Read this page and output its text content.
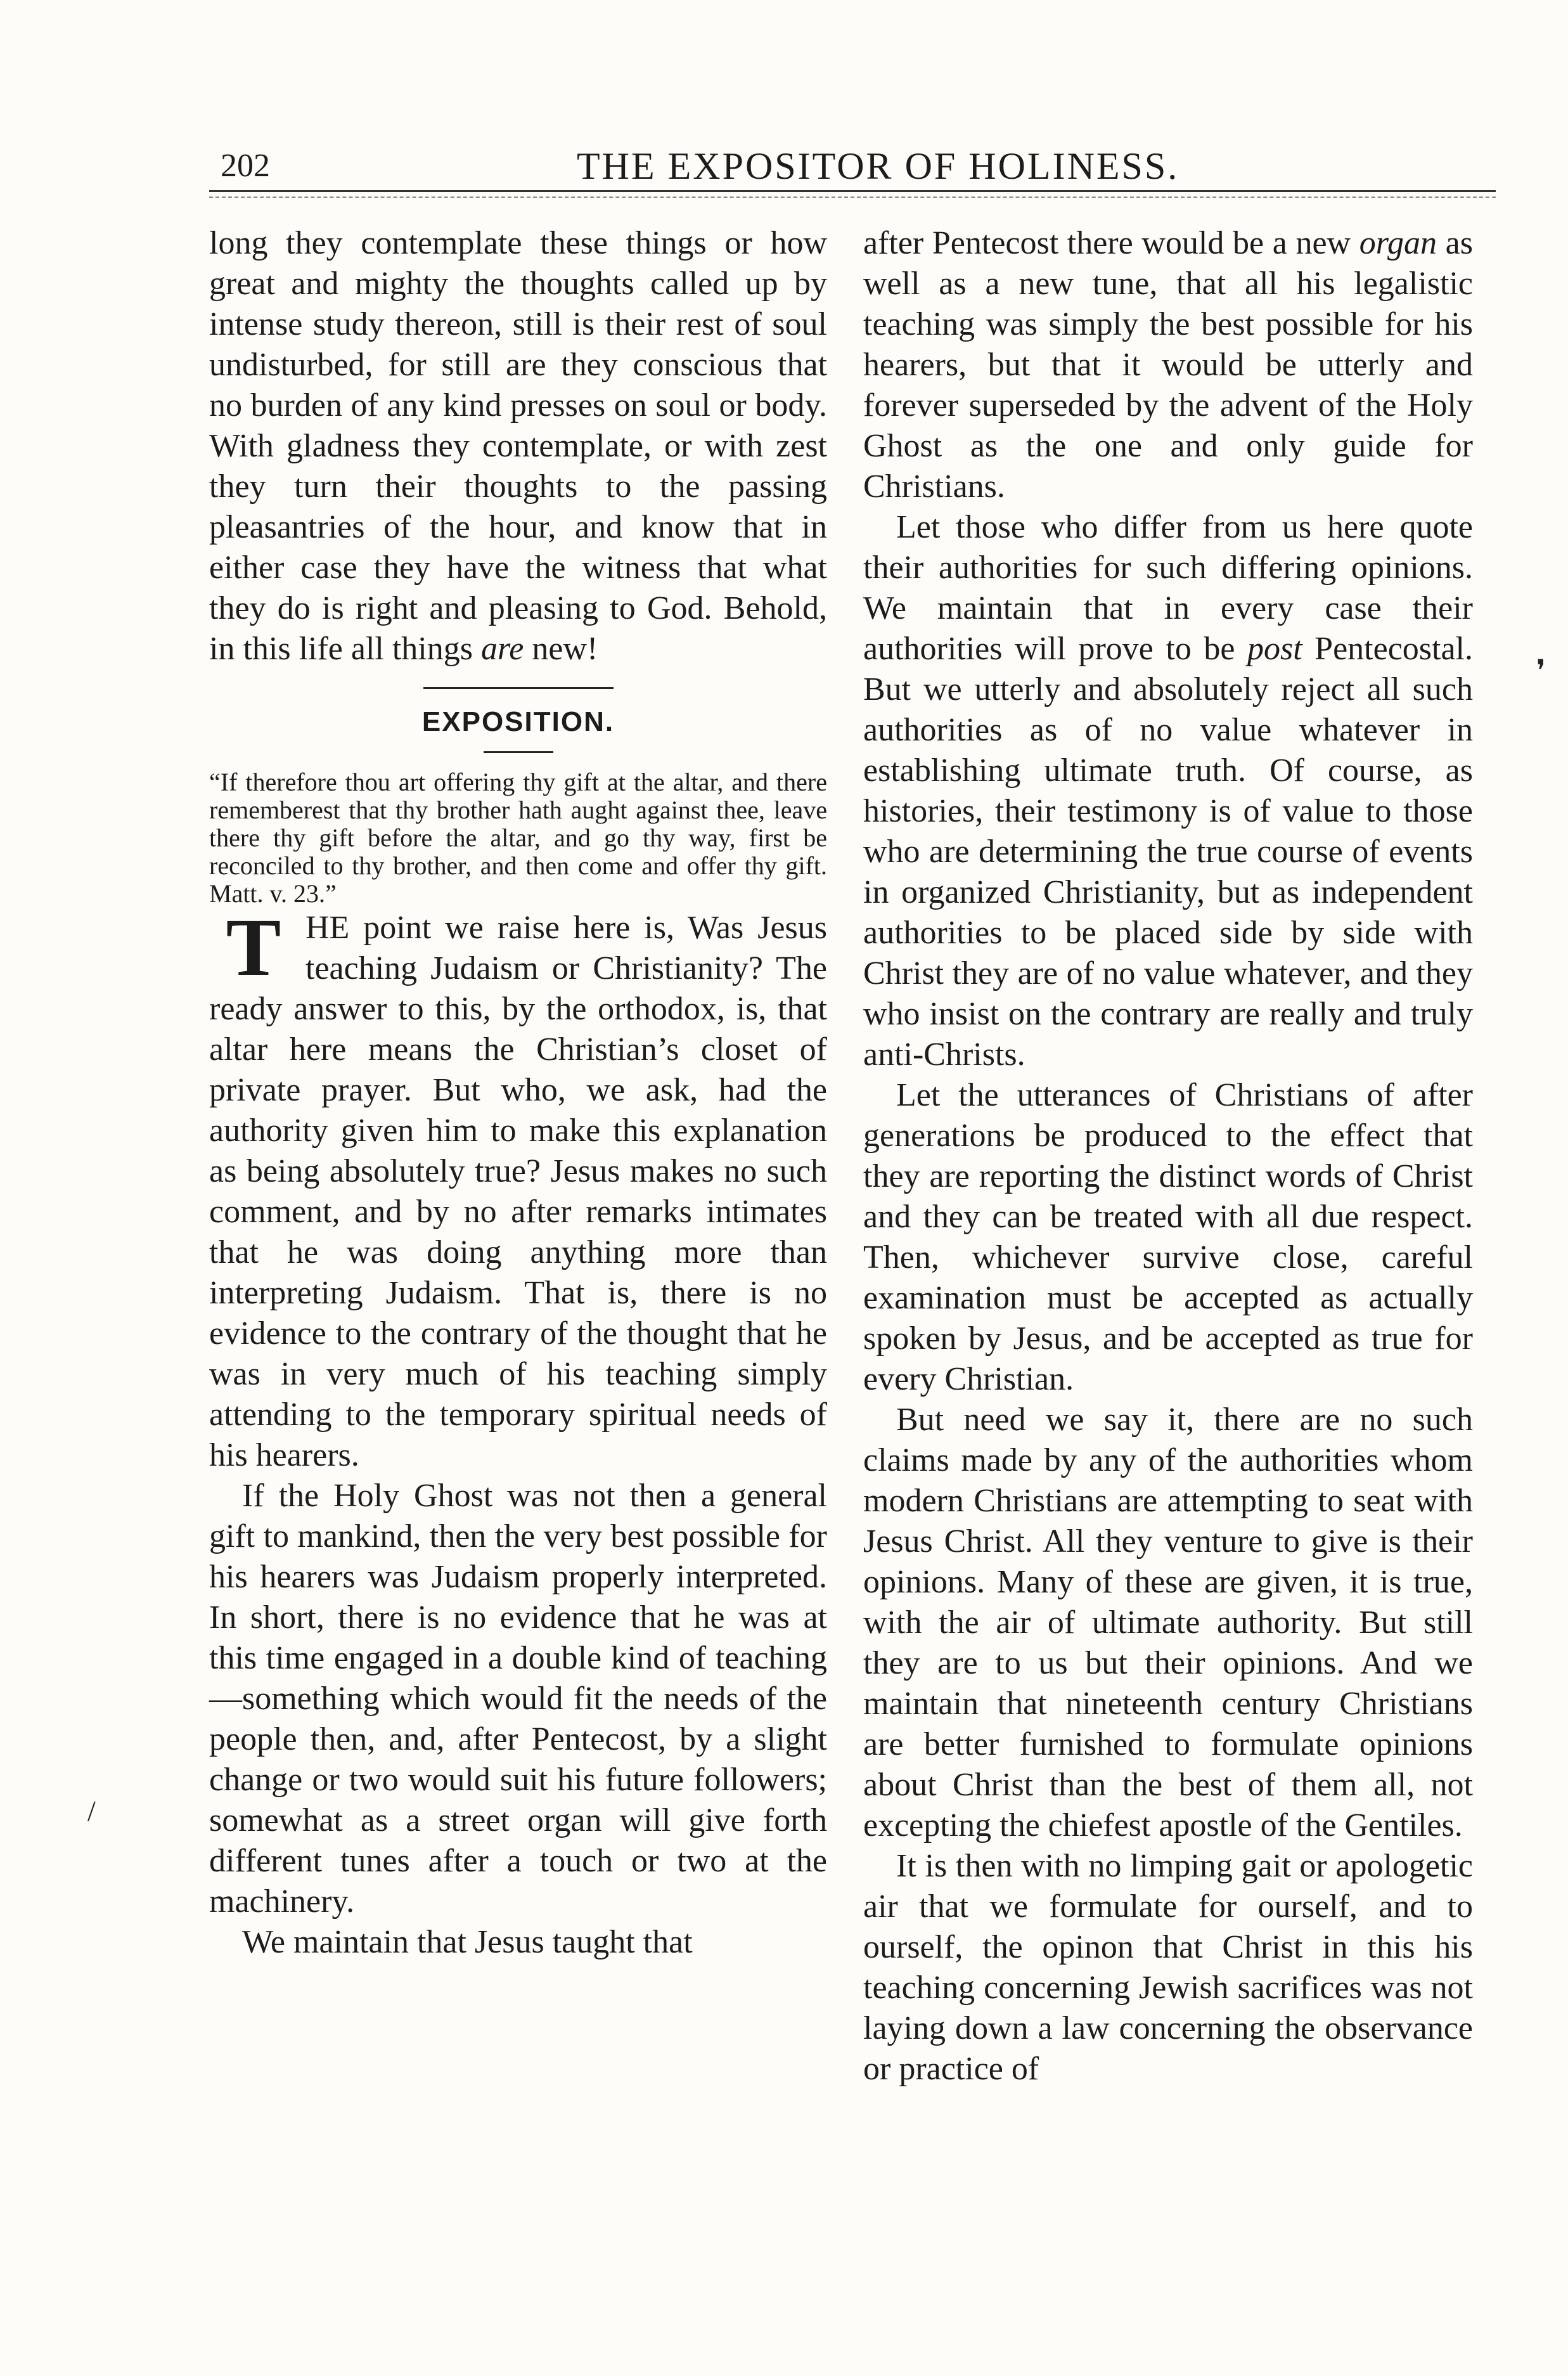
202	THE EXPOSITOR OF HOLINESS.

long they contemplate these things or how great and mighty the thoughts called up by intense study thereon, still is their rest of soul undisturbed, for still are they conscious that no burden of any kind presses on soul or body. With gladness they contemplate, or with zest they turn their thoughts to the passing pleasantries of the hour, and know that in either case they have the witness that what they do is right and pleasing to God. Behold, in this life all things are new!

EXPOSITION.

“If therefore thou art offering thy gift at the altar, and there rememberest that thy brother hath aught against thee, leave there thy gift before the altar, and go thy way, first be reconciled to thy brother, and then come and offer thy gift. Matt. v. 23.”

THE point we raise here is, Was Jesus teaching Judaism or Christianity? The ready answer to this, by the orthodox, is, that altar here means the Christian’s closet of private prayer. But who, we ask, had the authority given him to make this explanation as being absolutely true? Jesus makes no such comment, and by no after remarks intimates that he was doing anything more than interpreting Judaism. That is, there is no evidence to the contrary of the thought that he was in very much of his teaching simply attending to the temporary spiritual needs of his hearers.

If the Holy Ghost was not then a general gift to mankind, then the very best possible for his hearers was Judaism properly interpreted. In short, there is no evidence that he was at this time engaged in a double kind of teaching—something which would fit the needs of the people then, and, after Pentecost, by a slight change or two would suit his future followers; somewhat as a street organ will give forth different tunes after a touch or two at the machinery.

We maintain that Jesus taught that

after Pentecost there would be a new organ as well as a new tune, that all his legalistic teaching was simply the best possible for his hearers, but that it would be utterly and forever superseded by the advent of the Holy Ghost as the one and only guide for Christians.

Let those who differ from us here quote their authorities for such differing opinions. We maintain that in every case their authorities will prove to be post Pentecostal. But we utterly and absolutely reject all such authorities as of no value whatever in establishing ultimate truth. Of course, as histories, their testimony is of value to those who are determining the true course of events in organized Christianity, but as independent authorities to be placed side by side with Christ they are of no value whatever, and they who insist on the contrary are really and truly anti-Christs.

Let the utterances of Christians of after generations be produced to the effect that they are reporting the distinct words of Christ and they can be treated with all due respect. Then, whichever survive close, careful examination must be accepted as actually spoken by Jesus, and be accepted as true for every Christian.

But need we say it, there are no such claims made by any of the authorities whom modern Christians are attempting to seat with Jesus Christ. All they venture to give is their opinions. Many of these are given, it is true, with the air of ultimate authority. But still they are to us but their opinions. And we maintain that nineteenth century Christians are better furnished to formulate opinions about Christ than the best of them all, not excepting the chiefest apostle of the Gentiles.

It is then with no limping gait or apologetic air that we formulate for ourself, and to ourself, the opinon that Christ in this his teaching concerning Jewish sacrifices was not laying down a law concerning the observance or practice of

❜
/
